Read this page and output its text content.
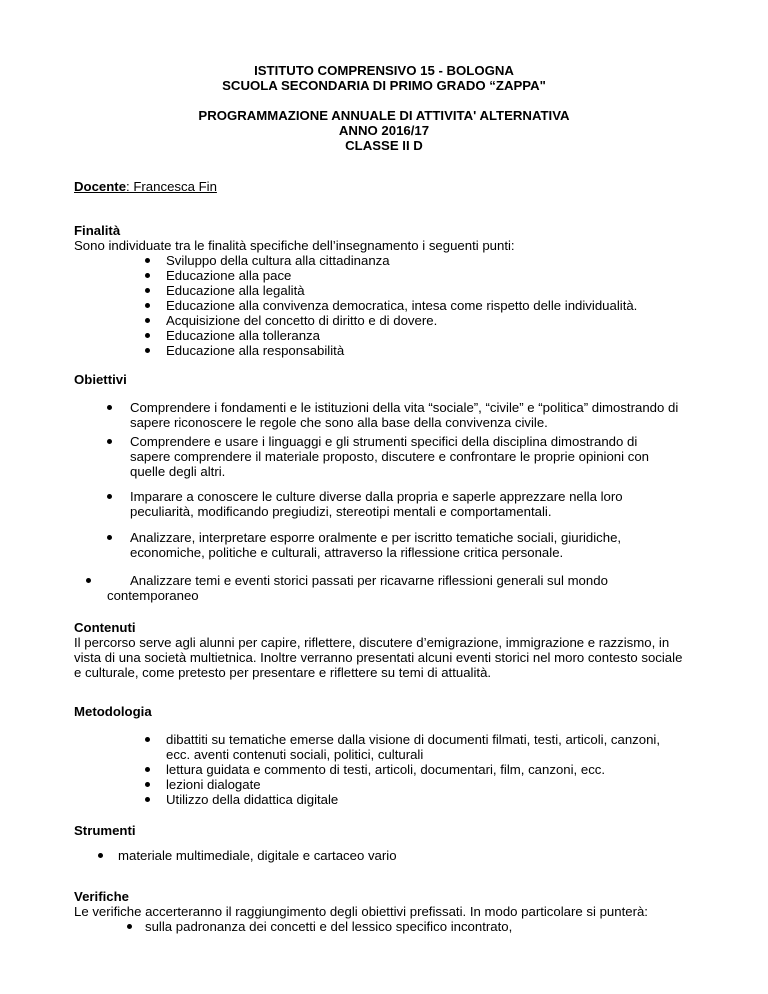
ISTITUTO COMPRENSIVO 15 - BOLOGNA
SCUOLA SECONDARIA DI PRIMO GRADO “ZAPPA"
PROGRAMMAZIONE ANNUALE DI ATTIVITA' ALTERNATIVA
ANNO 2016/17
CLASSE II D
Docente: Francesca Fin
Finalità
Sono individuate tra le finalità specifiche dell’insegnamento i seguenti punti:
Sviluppo della cultura alla cittadinanza
Educazione alla pace
Educazione alla legalità
Educazione alla convivenza democratica, intesa come rispetto delle individualità.
Acquisizione del concetto di diritto e di dovere.
Educazione alla tolleranza
Educazione alla responsabilità
Obiettivi
Comprendere i fondamenti e le istituzioni della vita “sociale”, “civile” e “politica” dimostrando di
sapere riconoscere le regole che sono alla base della convivenza civile.
Comprendere e usare i linguaggi e gli strumenti specifici della disciplina dimostrando di
sapere comprendere il materiale proposto, discutere e confrontare le proprie opinioni con
quelle degli altri.
Imparare a conoscere le culture diverse dalla propria e saperle apprezzare nella loro
peculiarità, modificando pregiudizi, stereotipi mentali e comportamentali.
Analizzare, interpretare esporre oralmente e per iscritto tematiche sociali, giuridiche,
economiche, politiche e culturali, attraverso la riflessione critica personale.
Analizzare temi e eventi storici passati per ricavarne riflessioni generali sul mondo
contemporaneo
Contenuti
Il percorso serve agli alunni per capire, riflettere, discutere d’emigrazione, immigrazione e razzismo, in
vista di una società multietnica. Inoltre verranno presentati alcuni eventi storici nel moro contesto sociale
e culturale, come pretesto per presentare e riflettere su temi di attualità.
Metodologia
dibattiti su tematiche emerse dalla visione di documenti filmati, testi, articoli, canzoni,
ecc. aventi contenuti sociali, politici, culturali
lettura guidata e commento di testi, articoli, documentari, film, canzoni, ecc.
lezioni dialogate
Utilizzo della didattica digitale
Strumenti
materiale multimediale, digitale e cartaceo vario
Verifiche
Le verifiche accerteranno il raggiungimento degli obiettivi prefissati. In modo particolare si punterà:
sulla padronanza dei concetti e del lessico specifico incontrato,
